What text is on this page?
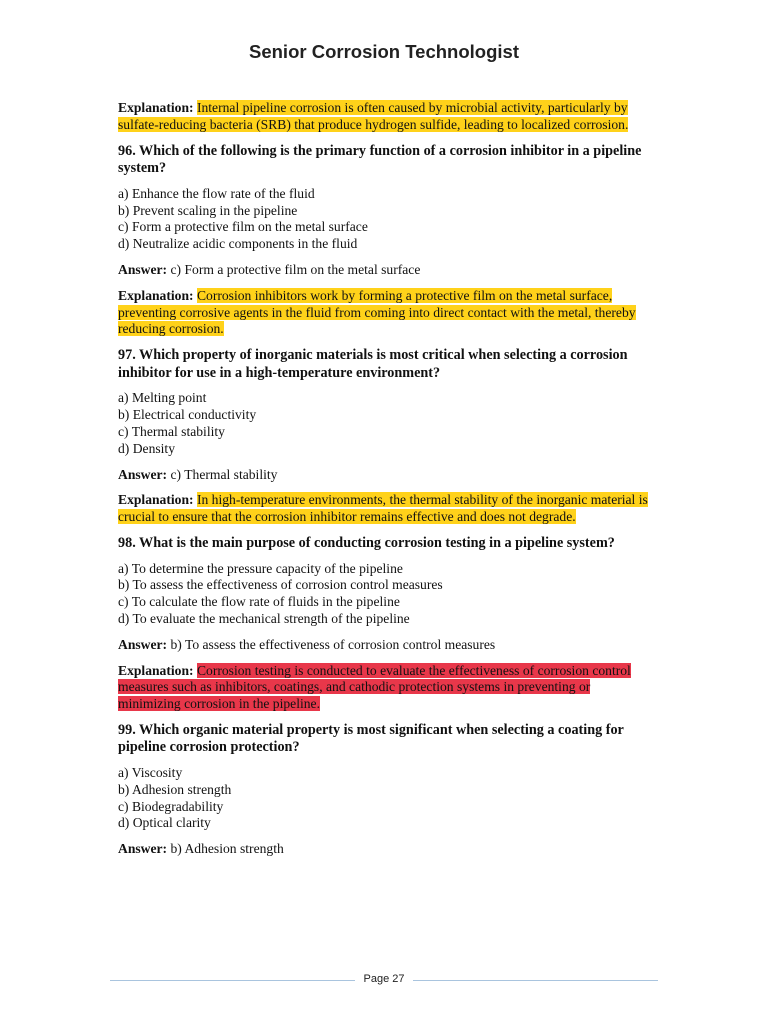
Senior Corrosion Technologist

Explanation: Internal pipeline corrosion is often caused by microbial activity, particularly by sulfate-reducing bacteria (SRB) that produce hydrogen sulfide, leading to localized corrosion.

96. Which of the following is the primary function of a corrosion inhibitor in a pipeline system?

a) Enhance the flow rate of the fluid
b) Prevent scaling in the pipeline
c) Form a protective film on the metal surface
d) Neutralize acidic components in the fluid

Answer: c) Form a protective film on the metal surface

Explanation: Corrosion inhibitors work by forming a protective film on the metal surface, preventing corrosive agents in the fluid from coming into direct contact with the metal, thereby reducing corrosion.

97. Which property of inorganic materials is most critical when selecting a corrosion inhibitor for use in a high-temperature environment?

a) Melting point
b) Electrical conductivity
c) Thermal stability
d) Density

Answer: c) Thermal stability

Explanation: In high-temperature environments, the thermal stability of the inorganic material is crucial to ensure that the corrosion inhibitor remains effective and does not degrade.

98. What is the main purpose of conducting corrosion testing in a pipeline system?

a) To determine the pressure capacity of the pipeline
b) To assess the effectiveness of corrosion control measures
c) To calculate the flow rate of fluids in the pipeline
d) To evaluate the mechanical strength of the pipeline

Answer: b) To assess the effectiveness of corrosion control measures

Explanation: Corrosion testing is conducted to evaluate the effectiveness of corrosion control measures such as inhibitors, coatings, and cathodic protection systems in preventing or minimizing corrosion in the pipeline.

99. Which organic material property is most significant when selecting a coating for pipeline corrosion protection?

a) Viscosity
b) Adhesion strength
c) Biodegradability
d) Optical clarity

Answer: b) Adhesion strength

Page 27
